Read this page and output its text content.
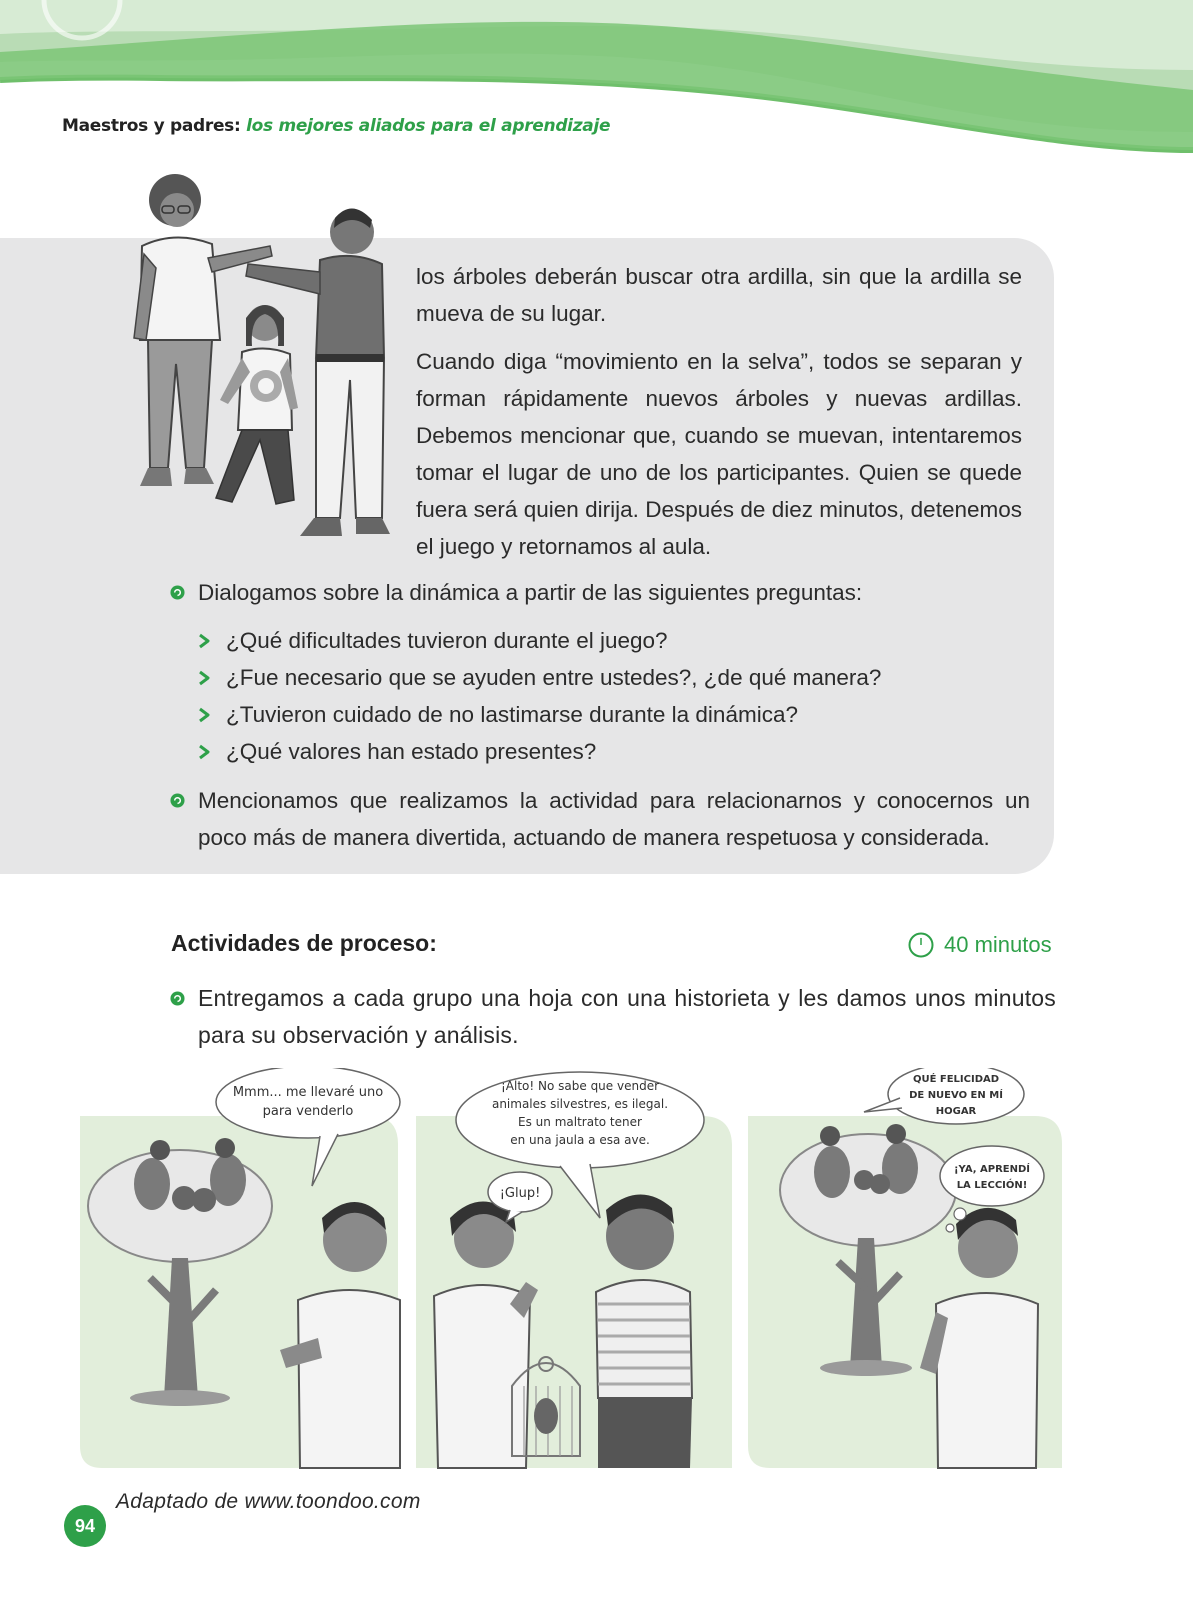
Maestros y padres: los mejores aliados para el aprendizaje

los árboles deberán buscar otra ardilla, sin que la ardilla se mueva de su lugar.

Cuando diga “movimiento en la selva”, todos se separan y forman rápidamente nuevos árboles y nuevas ardillas. Debemos mencionar que, cuando se muevan, intentaremos tomar el lugar de uno de los participantes. Quien se quede fuera será quien dirija. Después de diez minutos, detenemos el juego y retornamos al aula.

Dialogamos sobre la dinámica a partir de las siguientes preguntas:
¿Qué dificultades tuvieron durante el juego?
¿Fue necesario que se ayuden entre ustedes?, ¿de qué manera?
¿Tuvieron cuidado de no lastimarse durante la dinámica?
¿Qué valores han estado presentes?
Mencionamos que realizamos la actividad para relacionarnos y conocernos un poco más de manera divertida, actuando de manera respetuosa y considerada.
Actividades de proceso:	40 minutos
Entregamos a cada grupo una hoja con una historieta y les damos unos minutos para su observación y análisis.
Mmm... me llevaré uno
para venderlo
¡Alto! No sabe que vender
animales silvestres, es ilegal.
Es un maltrato tener
en una jaula a esa ave.
¡Glup!
QUÉ FELICIDAD
DE NUEVO EN MÍ
HOGAR
¡YA, APRENDÍ
LA LECCIÓN!
Adaptado de www.toondoo.com
94
